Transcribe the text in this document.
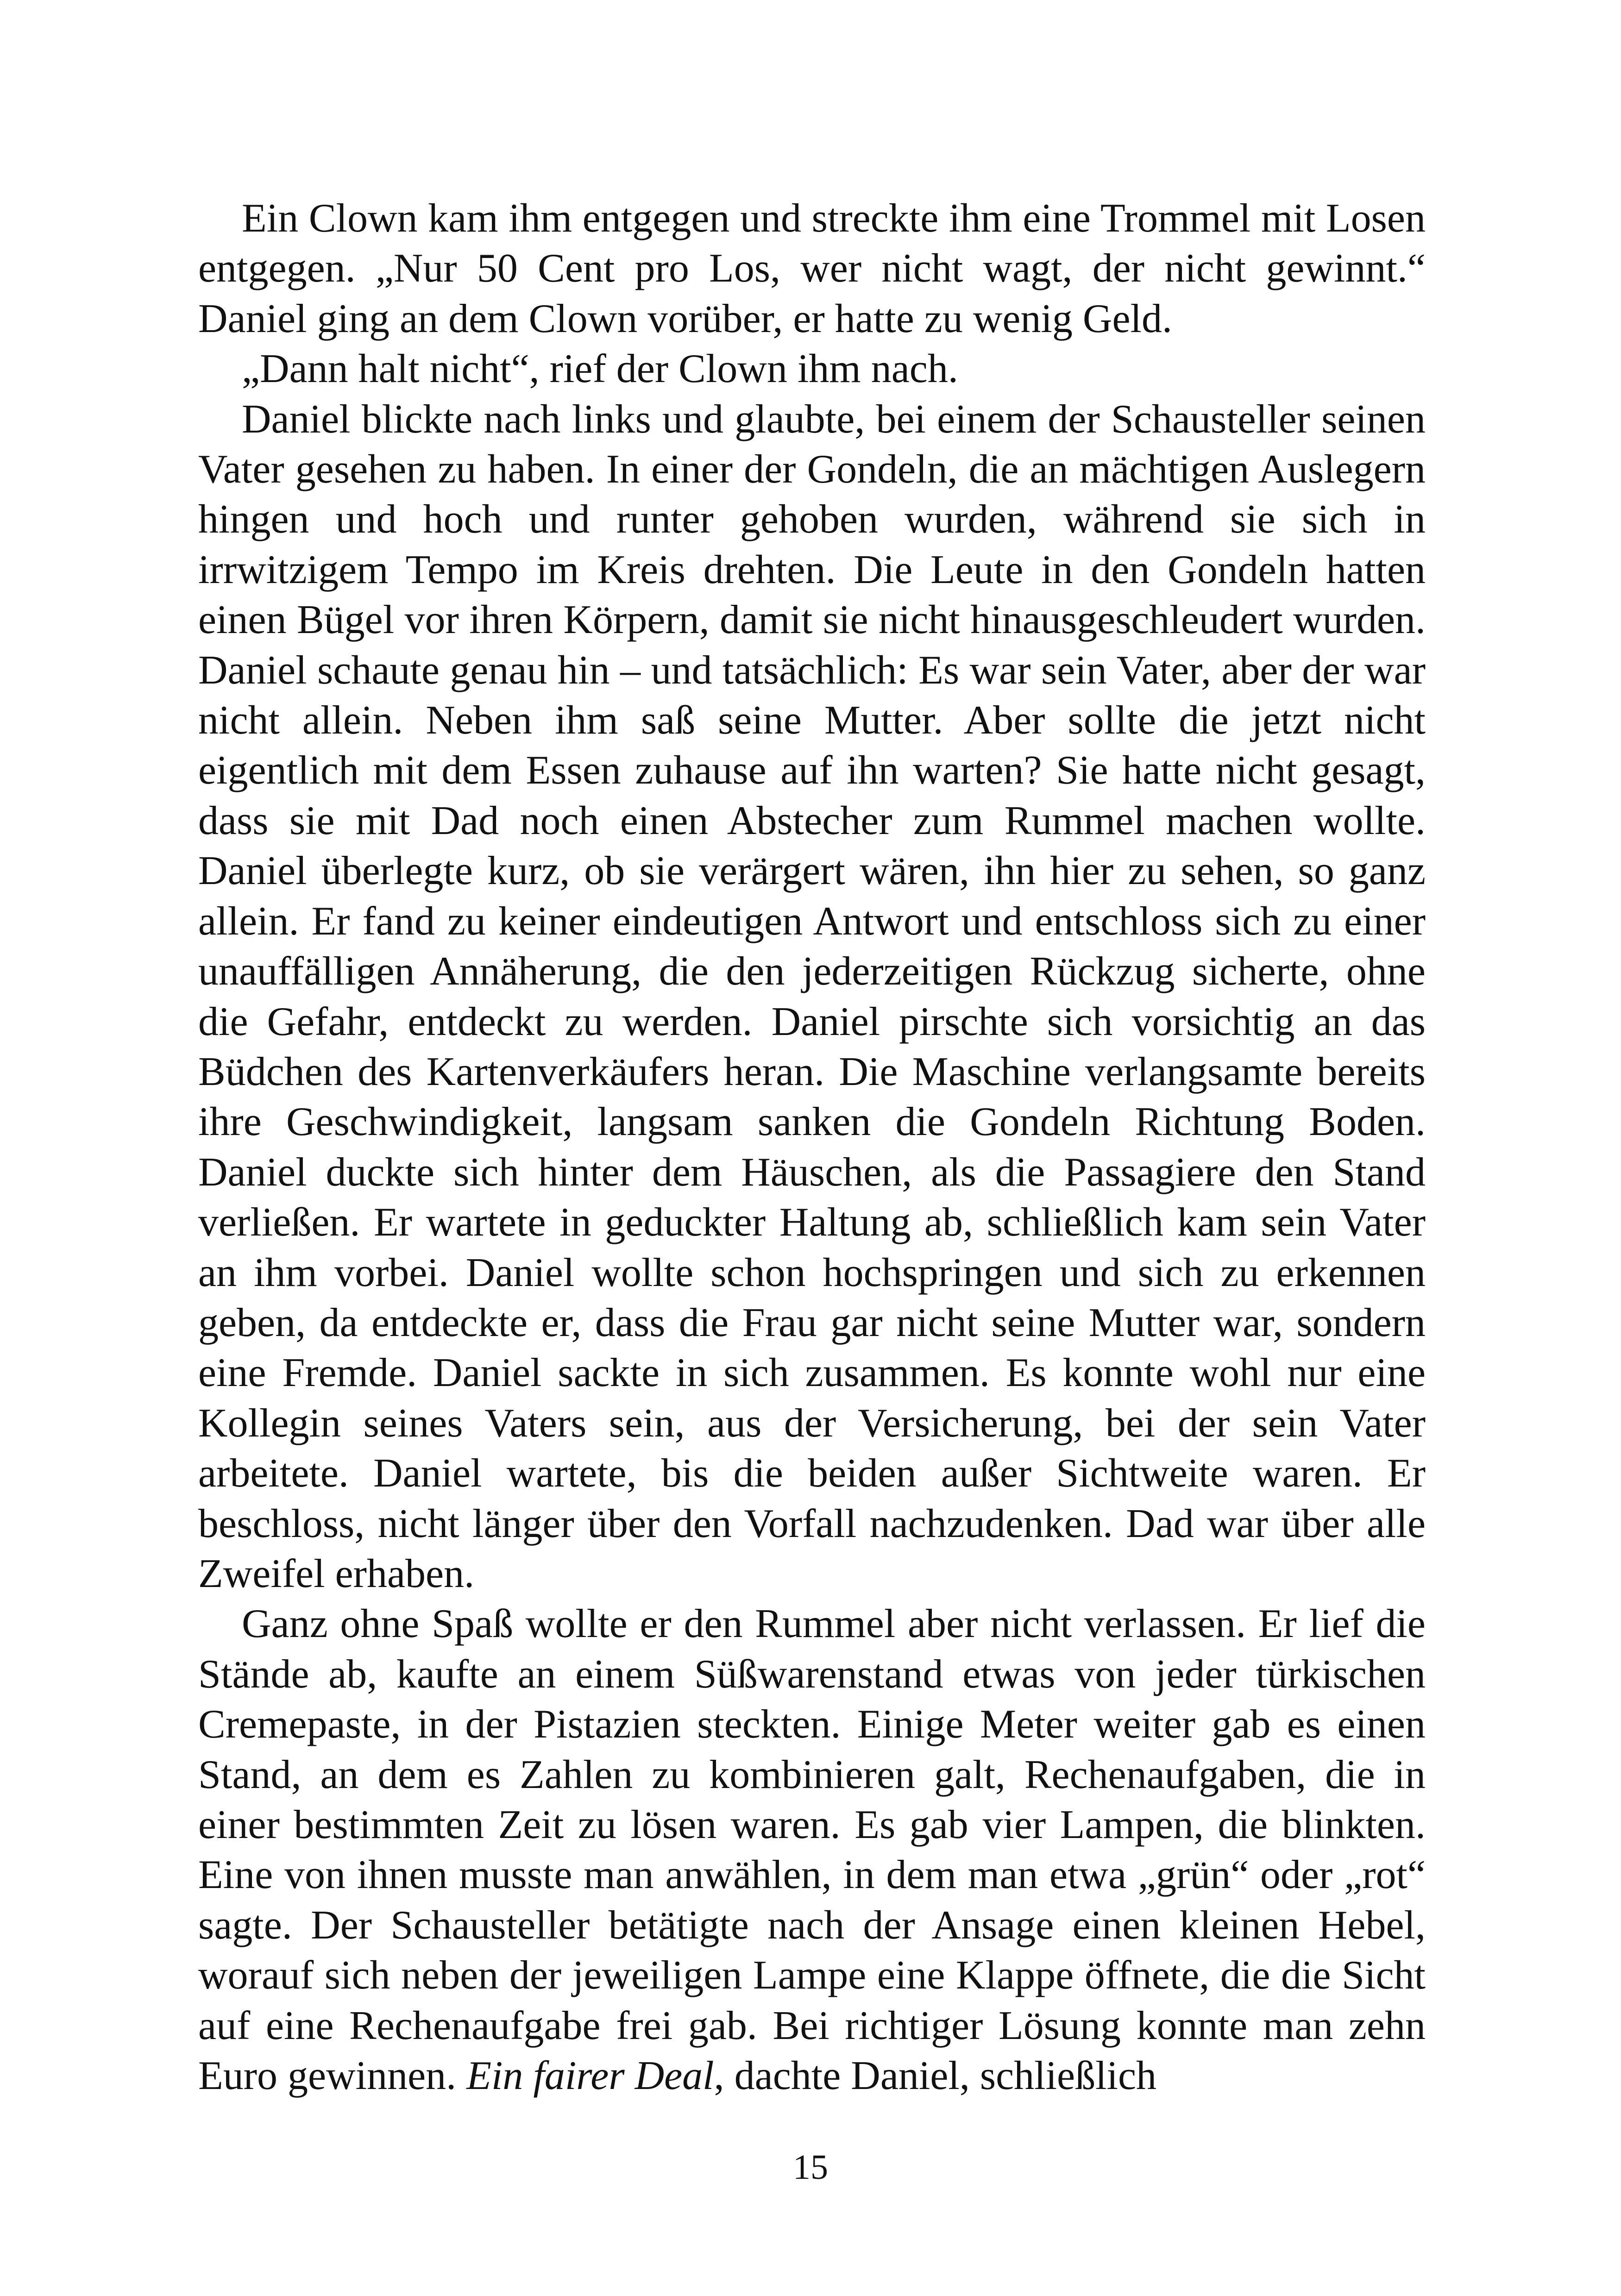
Ein Clown kam ihm entgegen und streckte ihm eine Trommel mit Losen entgegen. „Nur 50 Cent pro Los, wer nicht wagt, der nicht gewinnt.“ Daniel ging an dem Clown vorüber, er hatte zu wenig Geld.

„Dann halt nicht“, rief der Clown ihm nach.

Daniel blickte nach links und glaubte, bei einem der Schausteller seinen Vater gesehen zu haben. In einer der Gondeln, die an mächtigen Auslegern hingen und hoch und runter gehoben wurden, während sie sich in irrwitzigem Tempo im Kreis drehten. Die Leute in den Gondeln hatten einen Bügel vor ihren Körpern, damit sie nicht hinausgeschleudert wurden. Daniel schaute genau hin – und tatsächlich: Es war sein Vater, aber der war nicht allein. Neben ihm saß seine Mutter. Aber sollte die jetzt nicht eigentlich mit dem Essen zuhause auf ihn warten? Sie hatte nicht gesagt, dass sie mit Dad noch einen Abstecher zum Rummel machen wollte. Daniel überlegte kurz, ob sie verärgert wären, ihn hier zu sehen, so ganz allein. Er fand zu keiner eindeutigen Antwort und entschloss sich zu einer unauffälligen Annäherung, die den jederzeitigen Rückzug sicherte, ohne die Gefahr, entdeckt zu werden. Daniel pirschte sich vorsichtig an das Büdchen des Kartenverkäufers heran. Die Maschine verlangsamte bereits ihre Geschwindigkeit, langsam sanken die Gondeln Richtung Boden. Daniel duckte sich hinter dem Häuschen, als die Passagiere den Stand verließen. Er wartete in geduckter Haltung ab, schließlich kam sein Vater an ihm vorbei. Daniel wollte schon hochspringen und sich zu erkennen geben, da entdeckte er, dass die Frau gar nicht seine Mutter war, sondern eine Fremde. Daniel sackte in sich zusammen. Es konnte wohl nur eine Kollegin seines Vaters sein, aus der Versicherung, bei der sein Vater arbeitete. Daniel wartete, bis die beiden außer Sichtweite waren. Er beschloss, nicht länger über den Vorfall nachzudenken. Dad war über alle Zweifel erhaben.

Ganz ohne Spaß wollte er den Rummel aber nicht verlassen. Er lief die Stände ab, kaufte an einem Süßwarenstand etwas von jeder türkischen Cremepaste, in der Pistazien steckten. Einige Meter weiter gab es einen Stand, an dem es Zahlen zu kombinieren galt, Rechenaufgaben, die in einer bestimmten Zeit zu lösen waren. Es gab vier Lampen, die blinkten. Eine von ihnen musste man anwählen, in dem man etwa „grün“ oder „rot“ sagte. Der Schausteller betätigte nach der Ansage einen kleinen Hebel, worauf sich neben der jeweiligen Lampe eine Klappe öffnete, die die Sicht auf eine Rechenaufgabe frei gab. Bei richtiger Lösung konnte man zehn Euro gewinnen. Ein fairer Deal, dachte Daniel, schließlich

15
